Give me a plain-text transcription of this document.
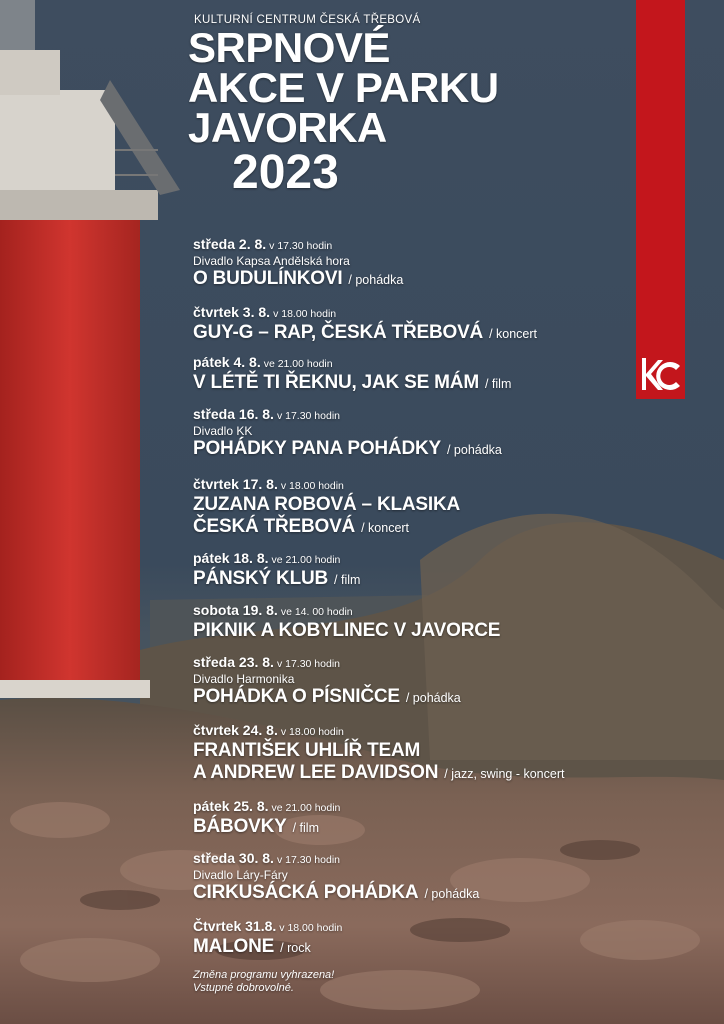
KULTURNÍ CENTRUM ČESKÁ TŘEBOVÁ
SRPNOVÉ
AKCE V PARKU
JAVORKA
2023
středa 2. 8. v 17.30 hodin
Divadlo Kapsa Andělská hora
O BUDULÍNKOVI / pohádka
čtvrtek 3. 8. v 18.00 hodin
GUY-G – RAP, ČESKÁ TŘEBOVÁ / koncert
pátek 4. 8. ve 21.00 hodin
V LÉTĚ TI ŘEKNU, JAK SE MÁM / film
středa 16. 8. v 17.30 hodin
Divadlo KK
POHÁDKY PANA POHÁDKY / pohádka
čtvrtek 17. 8. v 18.00 hodin
ZUZANA ROBOVÁ – KLASIKA
ČESKÁ TŘEBOVÁ / koncert
pátek 18. 8. ve 21.00 hodin
PÁNSKÝ KLUB / film
sobota 19. 8. ve 14. 00 hodin
PIKNIK A KOBYLINEC V JAVORCE
středa 23. 8. v 17.30 hodin
Divadlo Harmonika
POHÁDKA O PÍSNIČCE / pohádka
čtvrtek 24. 8. v 18.00 hodin
FRANTIŠEK UHLÍŘ TEAM
A ANDREW LEE DAVIDSON / jazz, swing - koncert
pátek 25. 8. ve 21.00 hodin
BÁBOVKY / film
středa 30. 8. v 17.30 hodin
Divadlo Láry-Fáry
CIRKUSÁCKÁ POHÁDKA / pohádka
Čtvrtek 31.8. v 18.00 hodin
MALONE / rock
Změna programu vyhrazena!
Vstupné dobrovolné.
